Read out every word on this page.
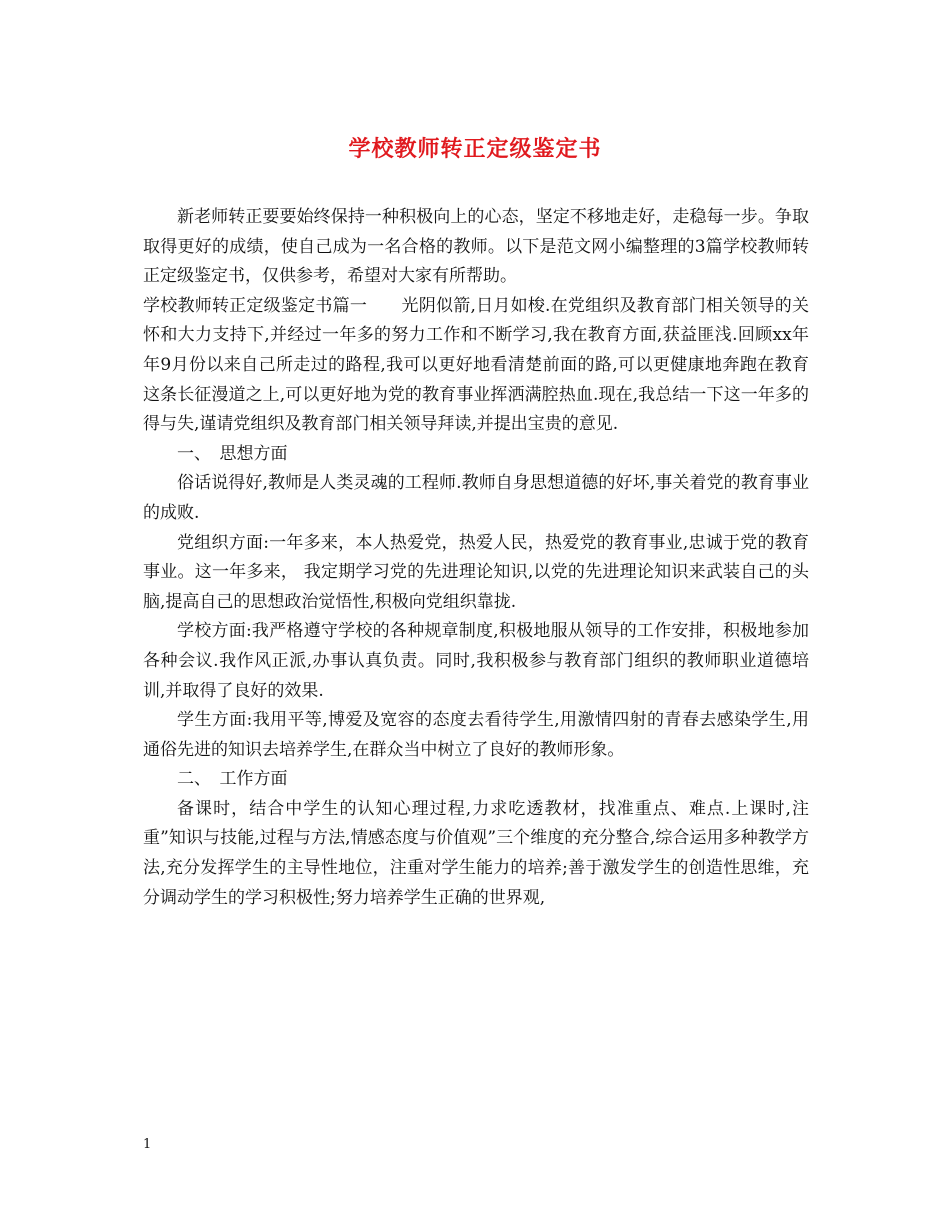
学校教师转正定级鉴定书

新老师转正要要始终保持一种积极向上的心态，坚定不移地走好，走稳每一步。争取取得更好的成绩，使自己成为一名合格的教师。以下是范文网小编整理的3篇学校教师转正定级鉴定书，仅供参考，希望对大家有所帮助。

学校教师转正定级鉴定书篇一　　光阴似箭,日月如梭.在党组织及教育部门相关领导的关怀和大力支持下,并经过一年多的努力工作和不断学习,我在教育方面,获益匪浅.回顾xx年年9月份以来自己所走过的路程,我可以更好地看清楚前面的路,可以更健康地奔跑在教育这条长征漫道之上,可以更好地为党的教育事业挥洒满腔热血.现在,我总结一下这一年多的得与失,谨请党组织及教育部门相关领导拜读,并提出宝贵的意见.

一、　思想方面

俗话说得好,教师是人类灵魂的工程师.教师自身思想道德的好坏,事关着党的教育事业的成败.

党组织方面:一年多来，本人热爱党，热爱人民，热爱党的教育事业,忠诚于党的教育事业。这一年多来， 我定期学习党的先进理论知识,以党的先进理论知识来武装自己的头脑,提高自己的思想政治觉悟性,积极向党组织靠拢.

学校方面:我严格遵守学校的各种规章制度,积极地服从领导的工作安排，积极地参加各种会议.我作风正派,办事认真负责。同时,我积极参与教育部门组织的教师职业道德培训,并取得了良好的效果.

学生方面:我用平等,博爱及宽容的态度去看待学生,用激情四射的青春去感染学生,用通俗先进的知识去培养学生,在群众当中树立了良好的教师形象。

二、　工作方面

备课时，结合中学生的认知心理过程,力求吃透教材，找准重点、难点.上课时,注重”知识与技能,过程与方法,情感态度与价值观”三个维度的充分整合,综合运用多种教学方法,充分发挥学生的主导性地位，注重对学生能力的培养;善于激发学生的创造性思维，充分调动学生的学习积极性;努力培养学生正确的世界观,

1
